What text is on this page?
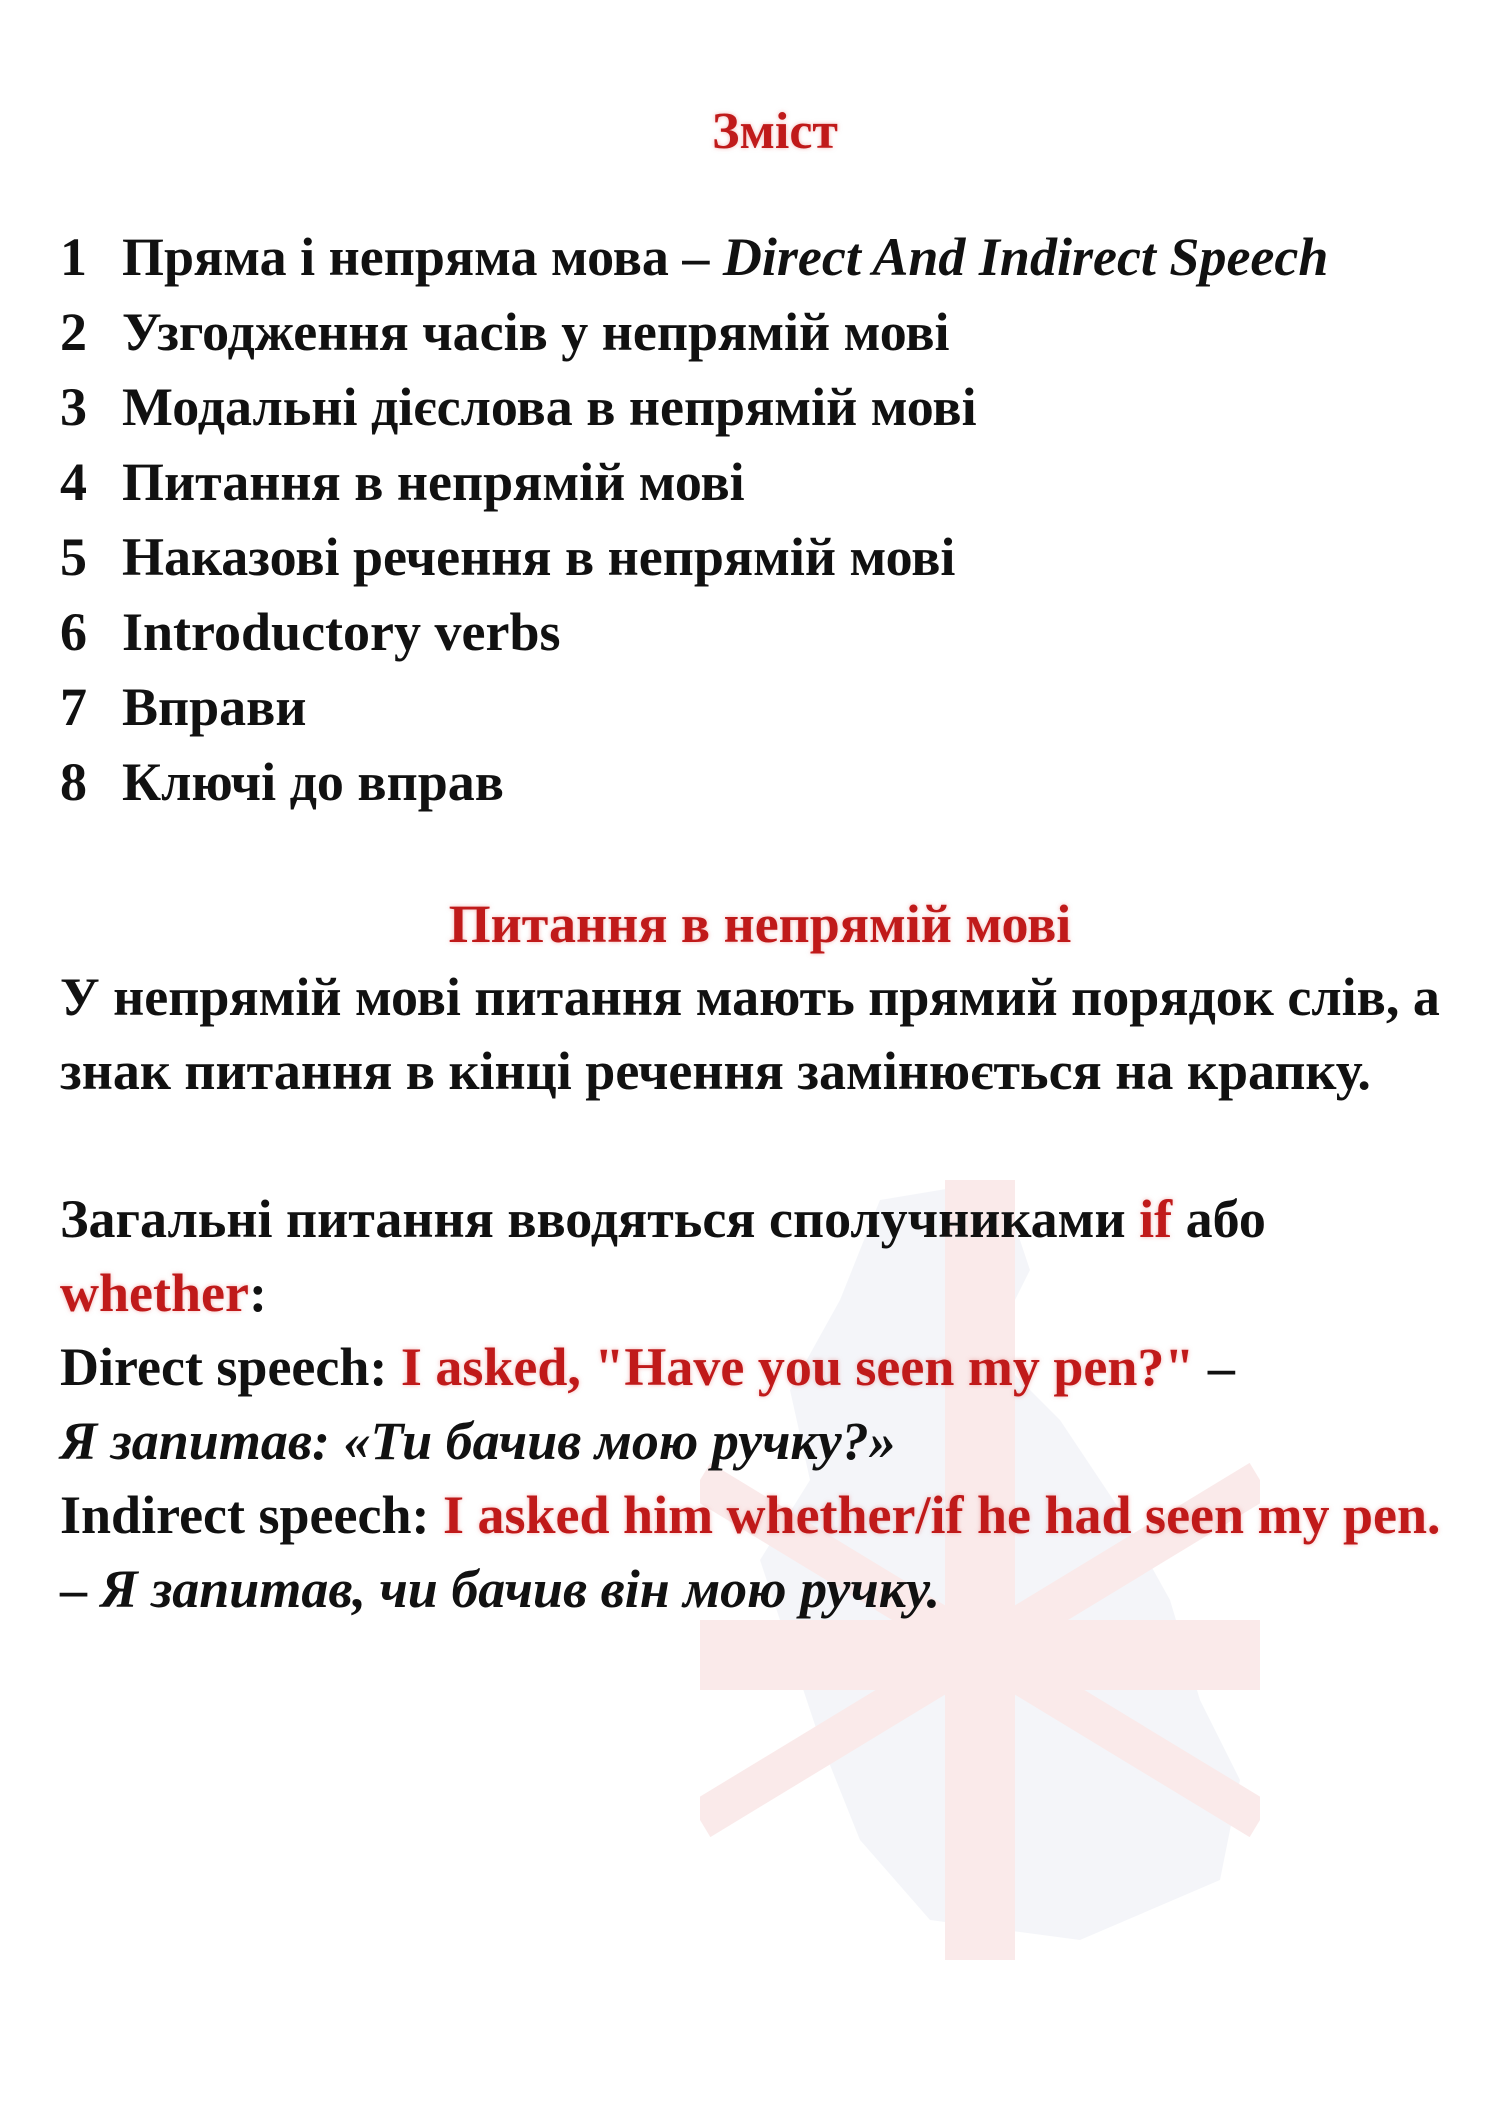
Зміст
1 Пряма і непряма мова – Direct And Indirect Speech
2 Узгодження часів у непрямій мові
3 Модальні дієслова в непрямій мові
4 Питання в непрямій мові
5 Наказові речення в непрямій мові
6 Introductory verbs
7 Вправи
8 Ключі до вправ
Питання в непрямій мові

У непрямій мові питання мають прямий порядок слів, а знак питання в кінці речення замінюється на крапку.

Загальні питання вводяться сполучниками if або whether:

Direct speech: I asked, "Have you seen my pen?" –
Я запитав: «Ти бачив мою ручку?»

Indirect speech: I asked him whether/if he had seen my pen. – Я запитав, чи бачив він мою ручку.
